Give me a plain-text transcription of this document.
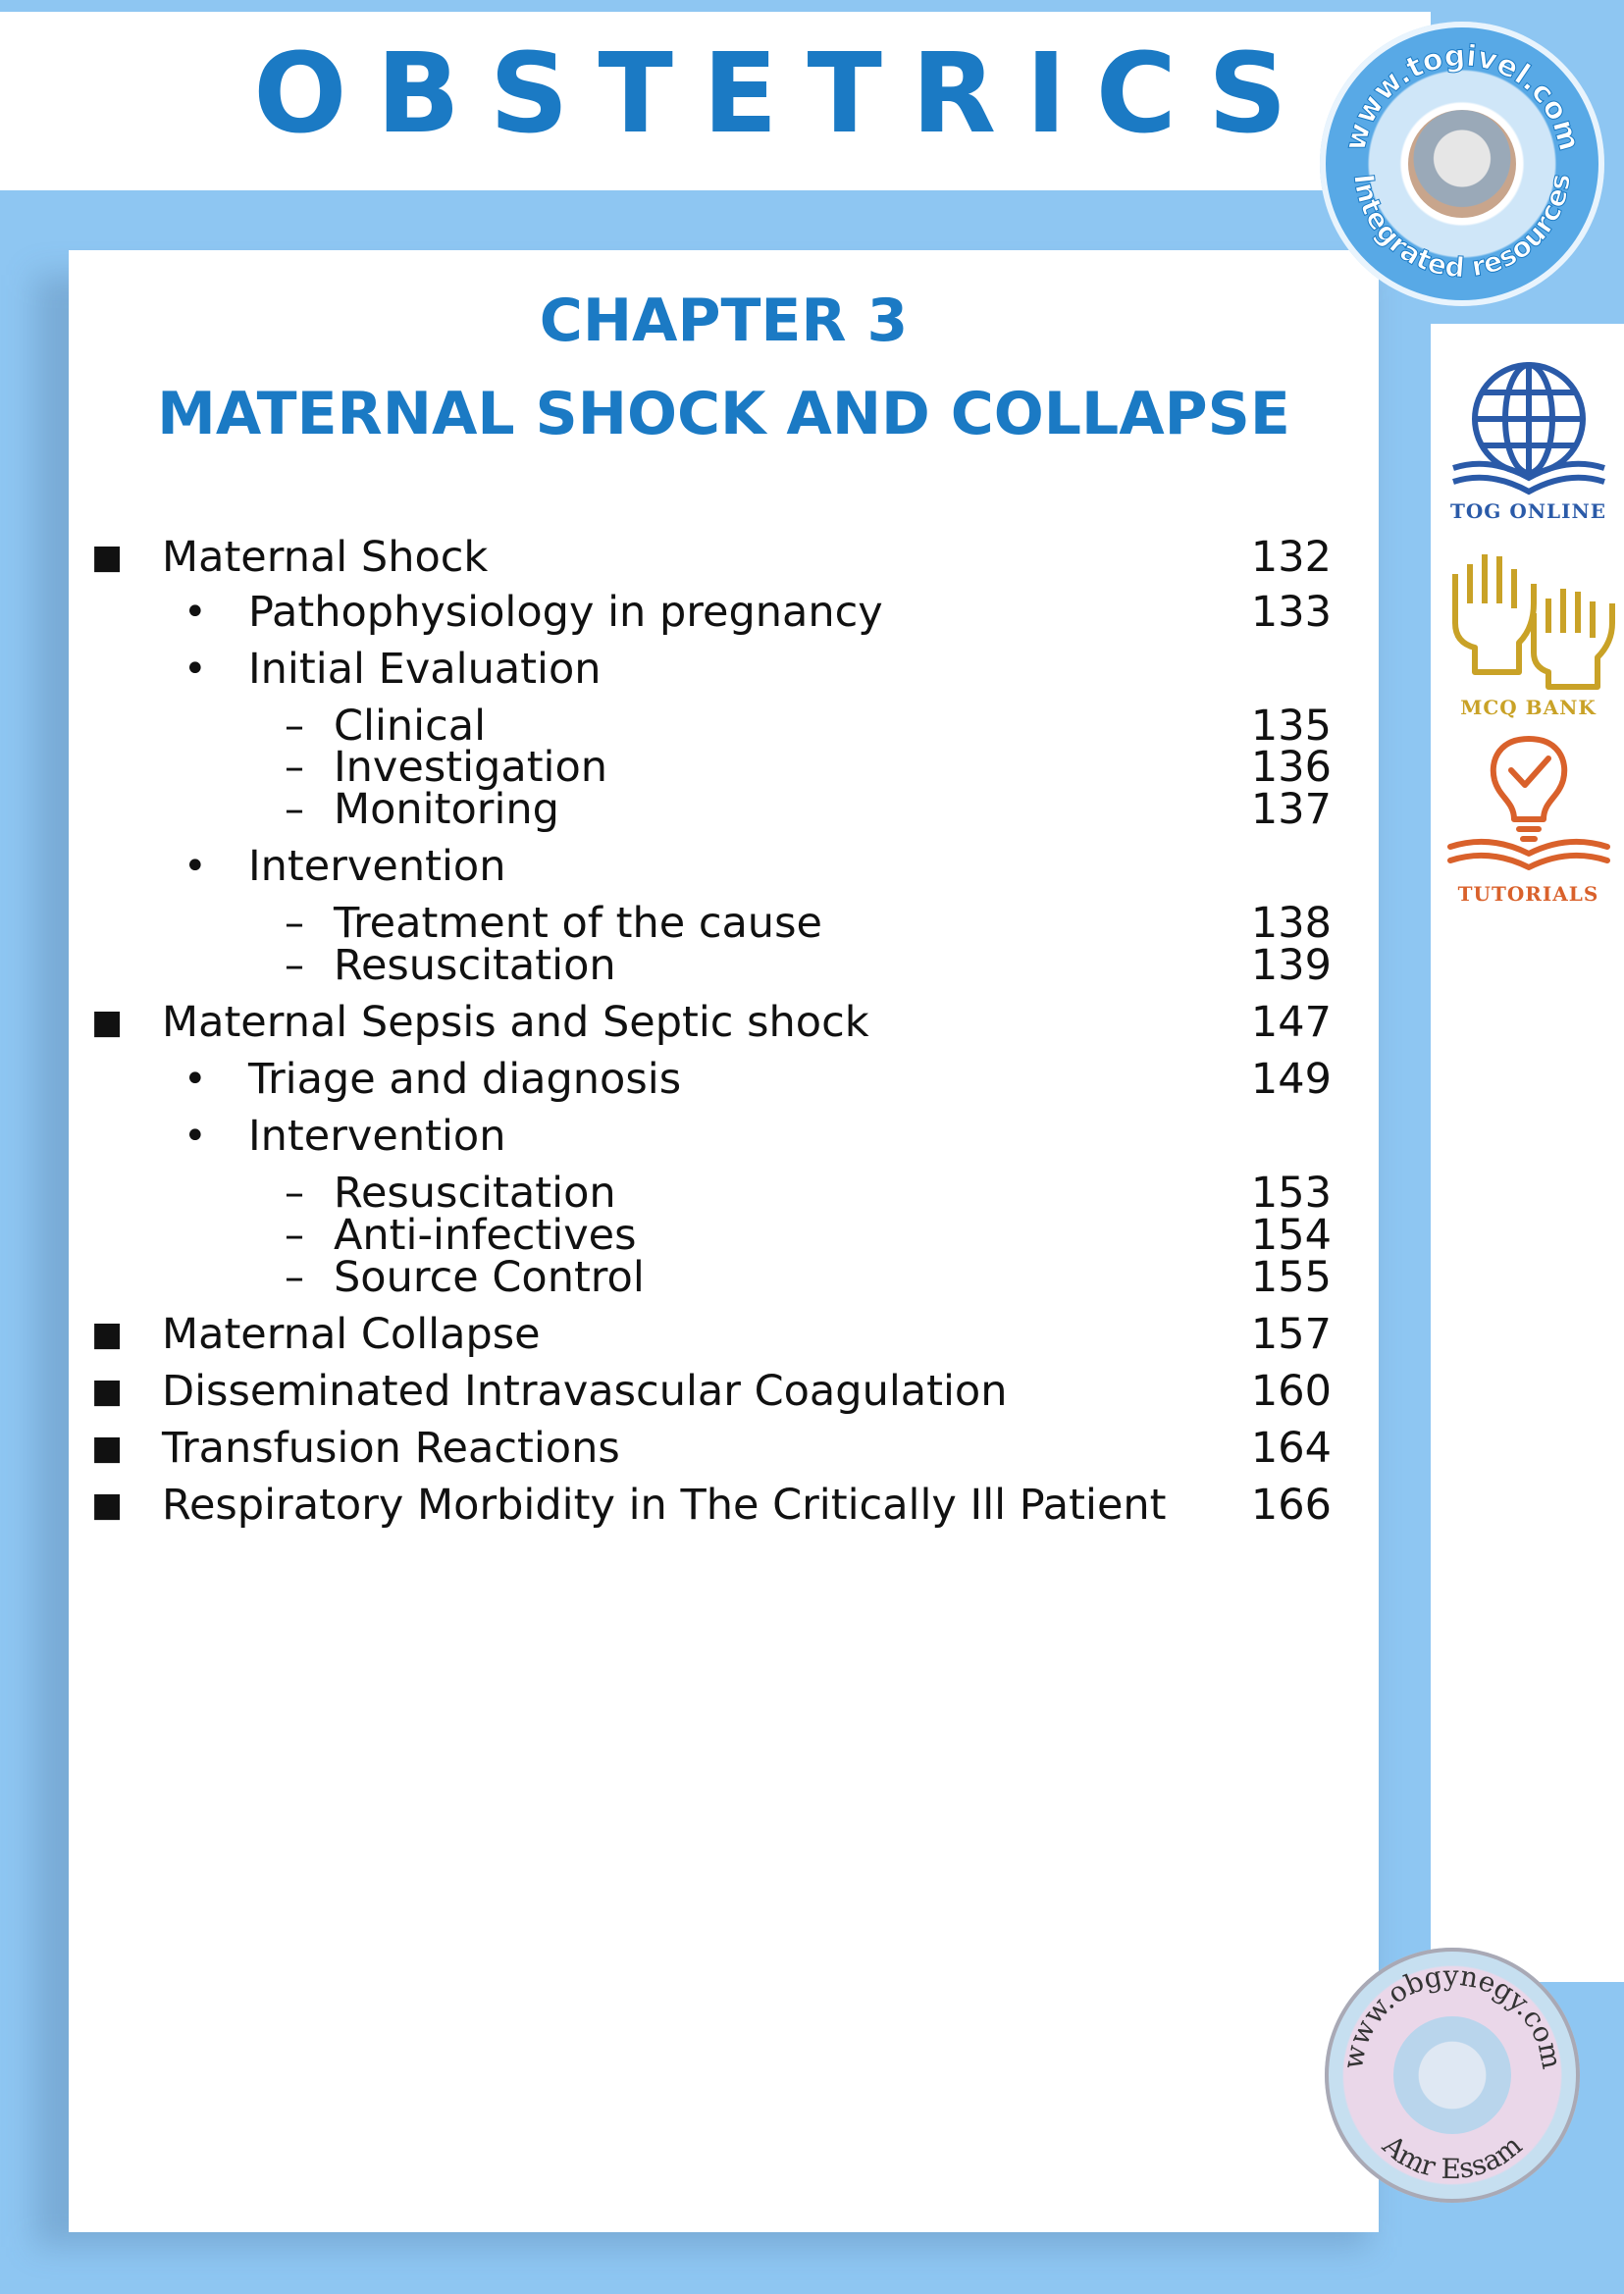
OBSTETRICS
CHAPTER 3
MATERNAL SHOCK AND COLLAPSE
■ Maternal Shock	132
• Pathophysiology in pregnancy	133
• Initial Evaluation
– Clinical	135
– Investigation	136
– Monitoring	137
• Intervention
– Treatment of the cause	138
– Resuscitation	139
■ Maternal Sepsis and Septic shock	147
• Triage and diagnosis	149
• Intervention
– Resuscitation	153
– Anti-infectives	154
– Source Control	155
■ Maternal Collapse	157
■ Disseminated Intravascular Coagulation	160
■ Transfusion Reactions	164
■ Respiratory Morbidity in The Critically Ill Patient 166
www.togivel.com
Integrated resources
TOG ONLINE
MCQ BANK
TUTORIALS
www.obgynegy.com
Amr Essam
